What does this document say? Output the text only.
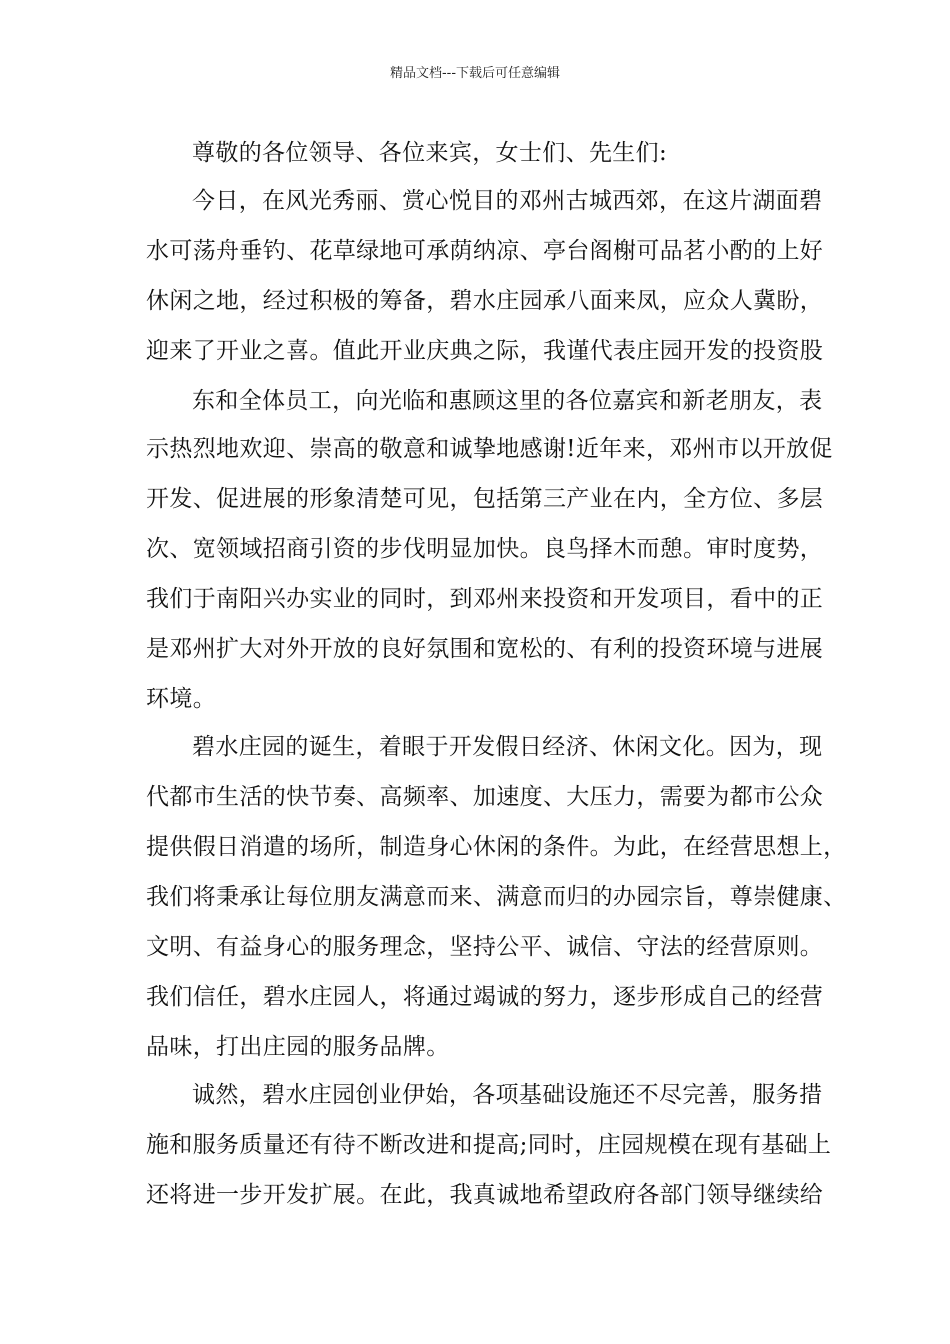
精品文档---下载后可任意编辑
尊敬的各位领导、各位来宾，女士们、先生们:
今日，在风光秀丽、赏心悦目的邓州古城西郊，在这片湖面碧
水可荡舟垂钓、花草绿地可承荫纳凉、亭台阁榭可品茗小酌的上好
休闲之地，经过积极的筹备，碧水庄园承八面来凤，应众人冀盼，
迎来了开业之喜。值此开业庆典之际，我谨代表庄园开发的投资股
东和全体员工，向光临和惠顾这里的各位嘉宾和新老朋友，表
示热烈地欢迎、崇高的敬意和诚挚地感谢!近年来，邓州市以开放促
开发、促进展的形象清楚可见，包括第三产业在内，全方位、多层
次、宽领域招商引资的步伐明显加快。良鸟择木而憩。审时度势，
我们于南阳兴办实业的同时，到邓州来投资和开发项目，看中的正
是邓州扩大对外开放的良好氛围和宽松的、有利的投资环境与进展
环境。
碧水庄园的诞生，着眼于开发假日经济、休闲文化。因为，现
代都市生活的快节奏、高频率、加速度、大压力，需要为都市公众
提供假日消遣的场所，制造身心休闲的条件。为此，在经营思想上，
我们将秉承让每位朋友满意而来、满意而归的办园宗旨，尊崇健康、
文明、有益身心的服务理念，坚持公平、诚信、守法的经营原则。
我们信任，碧水庄园人，将通过竭诚的努力，逐步形成自己的经营
品味，打出庄园的服务品牌。
诚然，碧水庄园创业伊始，各项基础设施还不尽完善，服务措
施和服务质量还有待不断改进和提高;同时，庄园规模在现有基础上
还将进一步开发扩展。在此，我真诚地希望政府各部门领导继续给
